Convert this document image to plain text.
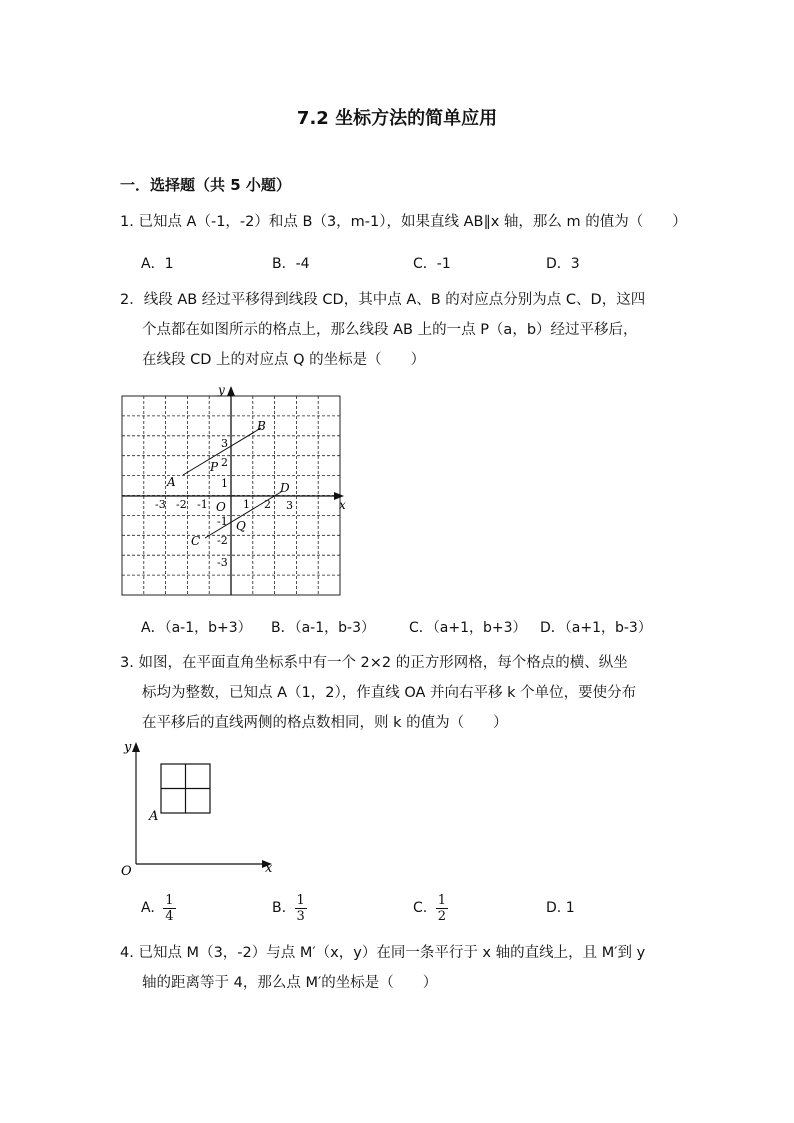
7.2 坐标方法的简单应用
一．选择题（共 5 小题）
1. 已知点 A（-1，-2）和点 B（3，m-1），如果直线 AB∥x 轴，那么 m 的值为（　　）
A．1	B．-4	C．-1	D．3
2．线段 AB 经过平移得到线段 CD，其中点 A、B 的对应点分别为点 C、D，这四
个点都在如图所示的格点上，那么线段 AB 上的一点 P（a，b）经过平移后，
在线段 CD 上的对应点 Q 的坐标是（　　）
x
y
-3 -2 -1	1 2 3
3
2
1
-1
-2
-3
O
A
B
P
C
D
Q
A．（a-1，b+3） B．（a-1，b-3） C．（a+1，b+3） D．（a+1，b-3）
3. 如图，在平面直角坐标系中有一个 2×2 的正方形网格，每个格点的横、纵坐
标均为整数，已知点 A（1，2），作直线 OA 并向右平移 k 个单位，要使分布
在平移后的直线两侧的格点数相同，则 k 的值为（　　）
x
y
O
A
A. $\frac{1}{4}$	B. $\frac{1}{3}$	C. $\frac{1}{2}$	D. 1
4. 已知点 M（3，-2）与点 M′（x，y）在同一条平行于 x 轴的直线上，且 M′到 y
轴的距离等于 4，那么点 M′的坐标是（　　）
